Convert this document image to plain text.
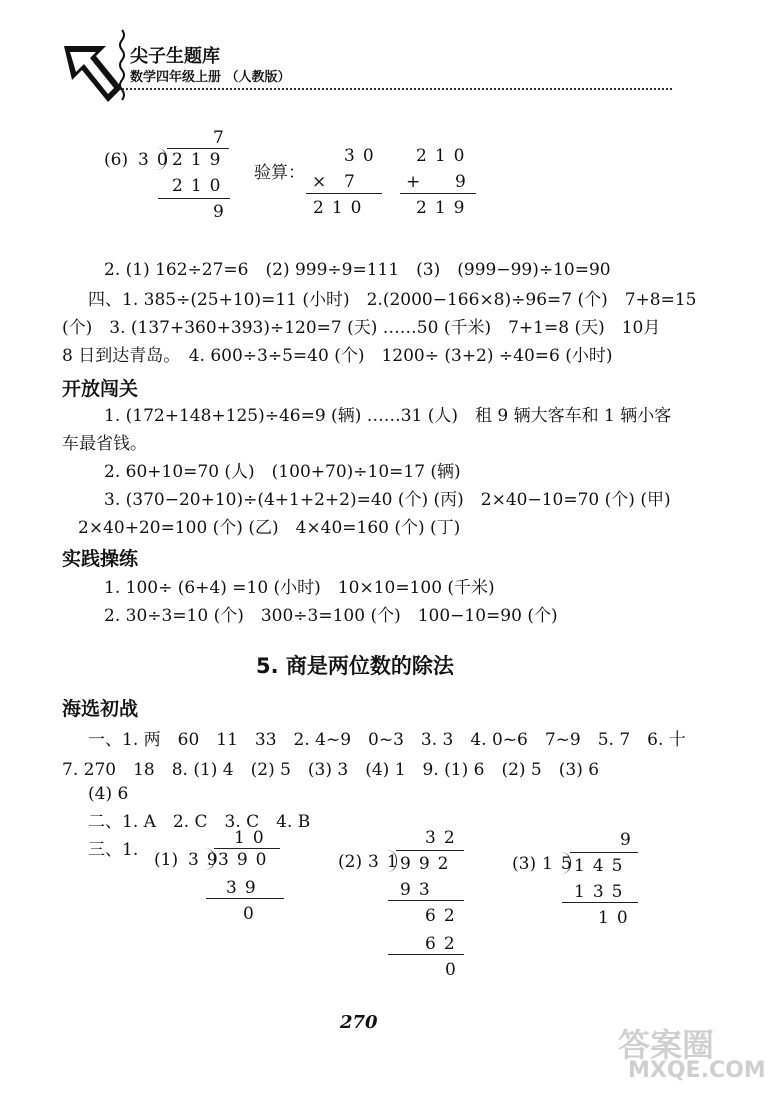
尖子生题库
数学四年级上册 （人教版）
(6)
7
30
219
210
9
验算：
30
× 7
210
210
+ 9
219
2. (1) 162÷27=6　(2) 999÷9=111　(3)　(999−99)÷10=90
四、1. 385÷(25+10)=11 (小时)　2.(2000−166×8)÷96=7 (个)　7+8=15
(个)　3. (137+360+393)÷120=7 (天) ……50 (千米)　7+1=8 (天)　10月
8 日到达青岛。　4. 600÷3÷5=40 (个)　1200÷ (3+2) ÷40=6 (小时)
开放闯关
1. (172+148+125)÷46=9 (辆) ……31 (人)　租 9 辆大客车和 1 辆小客
车最省钱。
2. 60+10=70 (人)　(100+70)÷10=17 (辆)
3. (370−20+10)÷(4+1+2+2)=40 (个) (丙)　2×40−10=70 (个) (甲)
2×40+20=100 (个) (乙)　4×40=160 (个) (丁)
实践操练
1. 100÷ (6+4) =10 (小时)　10×10=100 (千米)
2. 30÷3=10 (个)　300÷3=100 (个)　100−10=90 (个)
5. 商是两位数的除法
海选初战
一、1. 两　60　11　33　2. 4~9　0~3　3. 3　4. 0~6　7~9　5. 7　6. 十
7. 270　18　8. (1) 4　(2) 5　(3) 3　(4) 1　9. (1) 6　(2) 5　(3) 6
(4) 6
二、1. A　2. C　3. C　4. B
三、1. (1)
10
39
390
39
0
(2)
32
31
992
93
62
62
0
(3)
9
15
145
135
10
270
答案圈
MXQE.COM
